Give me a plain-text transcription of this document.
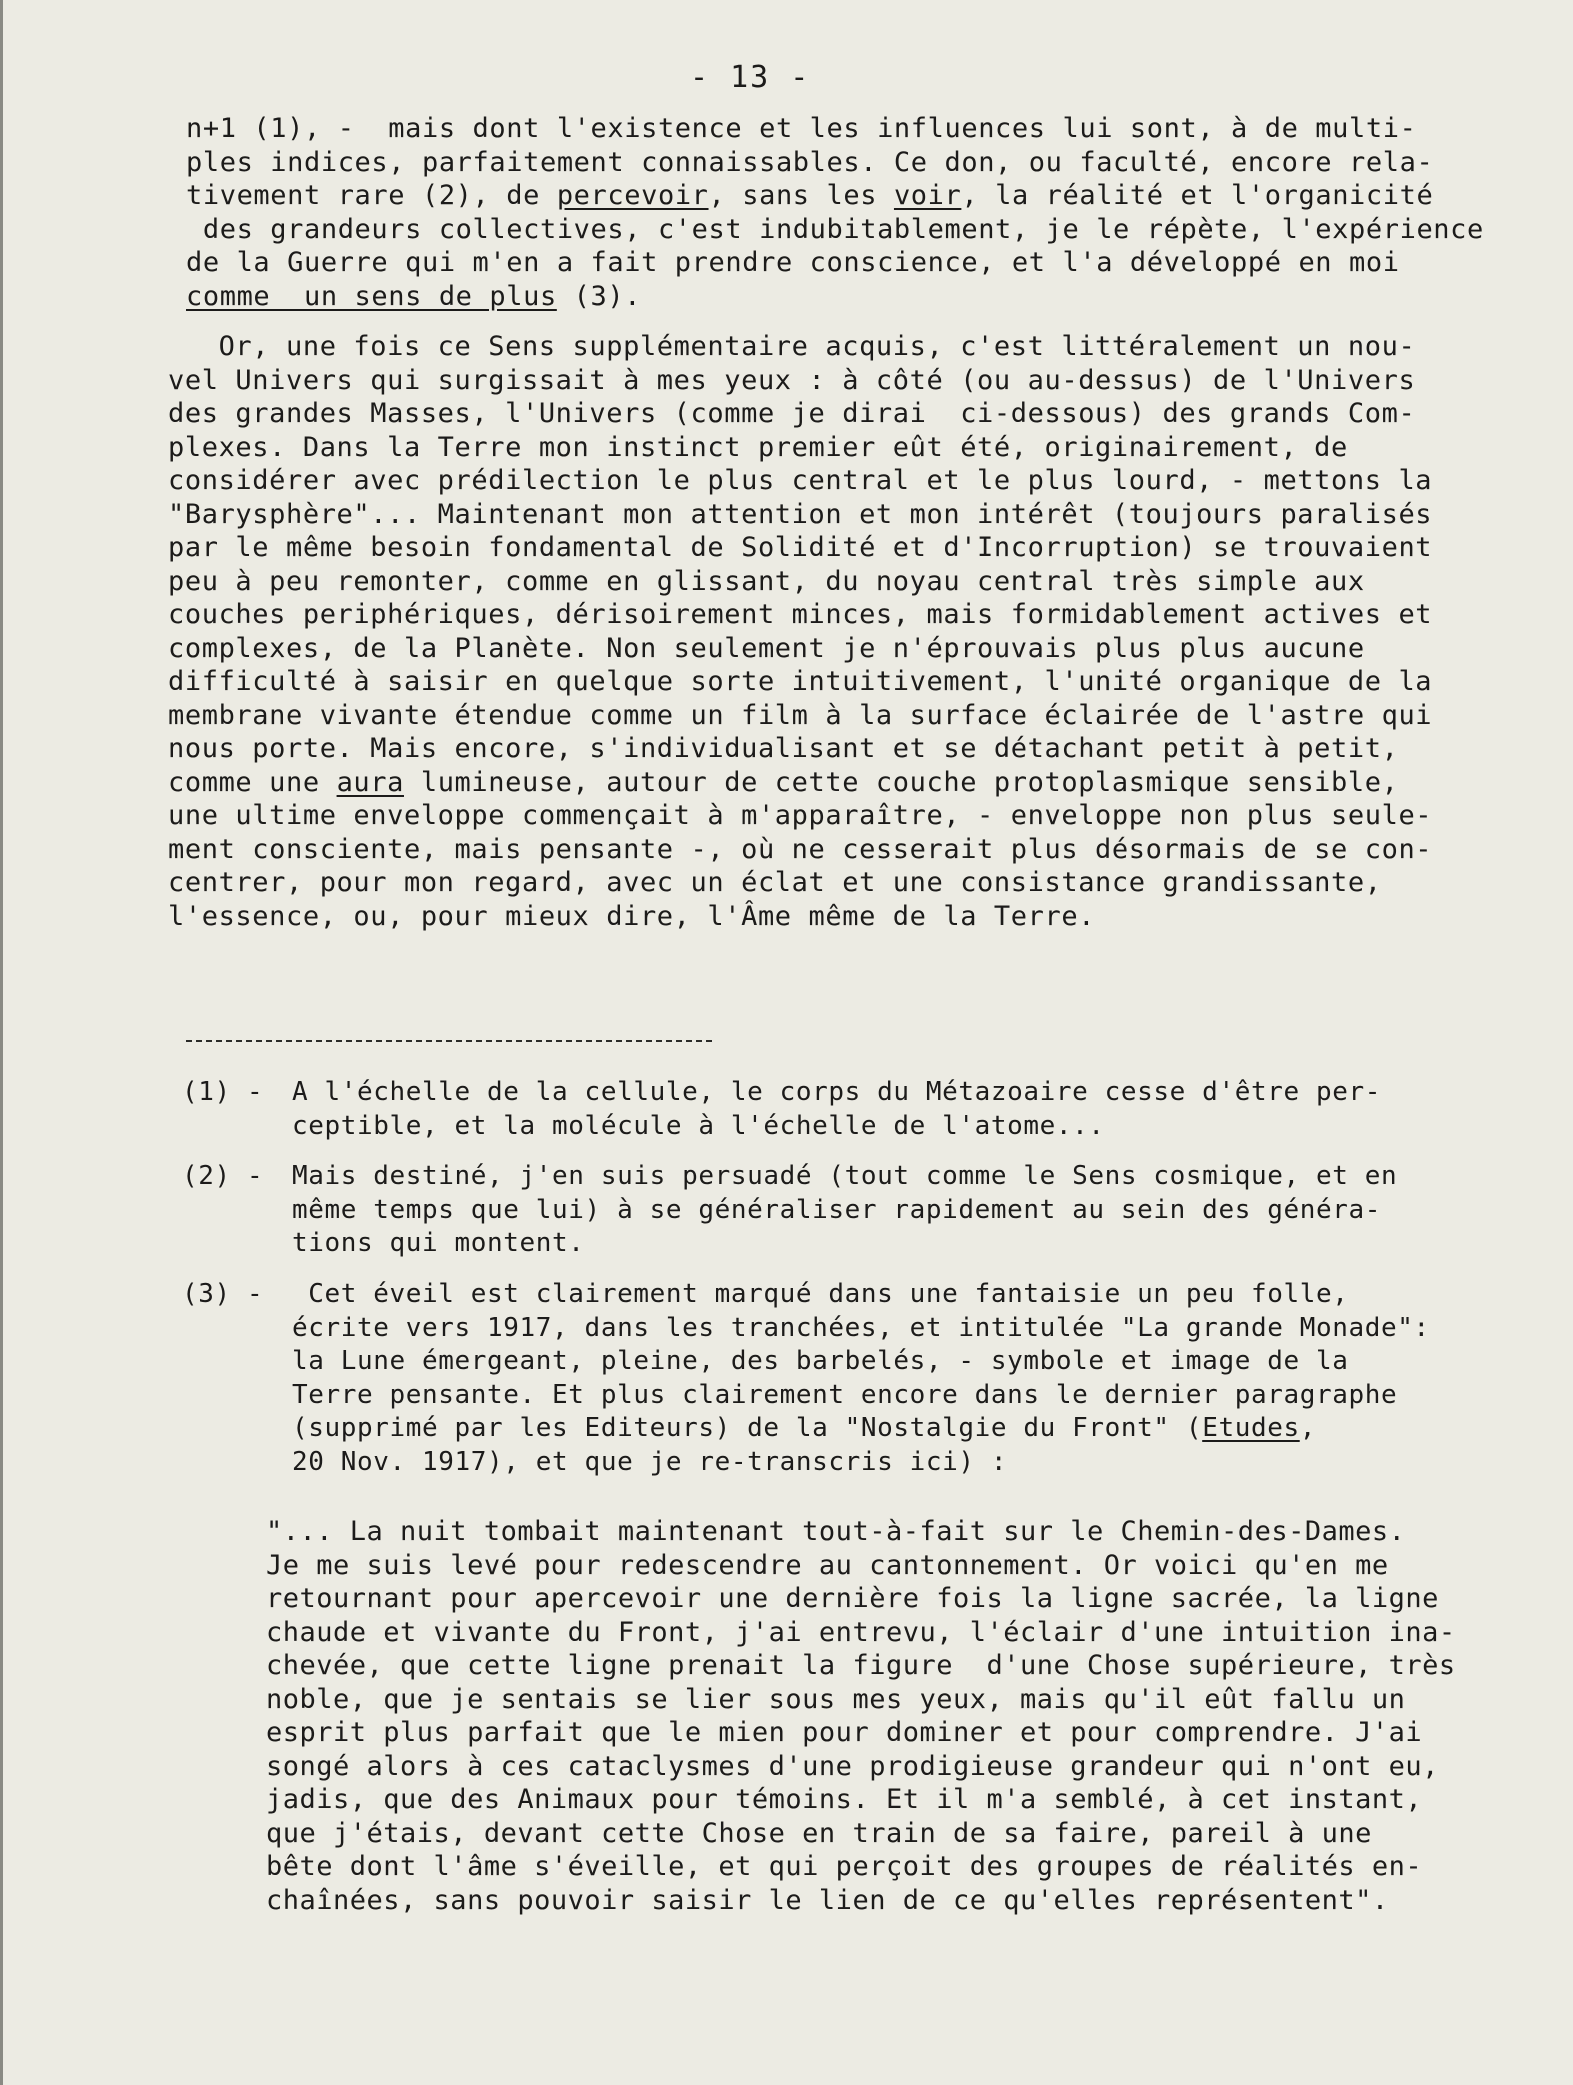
- 13 -
n+1 (1), -  mais dont l'existence et les influences lui sont, à de multi-
ples indices, parfaitement connaissables. Ce don, ou faculté, encore rela-
tivement rare (2), de percevoir, sans les voir, la réalité et l'organicité
des grandeurs collectives, c'est indubitablement, je le répète, l'expérience
de la Guerre qui m'en a fait prendre conscience, et l'a développé en moi
comme  un sens de plus (3).
Or, une fois ce Sens supplémentaire acquis, c'est littéralement un nou-
vel Univers qui surgissait à mes yeux : à côté (ou au-dessus) de l'Univers
des grandes Masses, l'Univers (comme je dirai  ci-dessous) des grands Com-
plexes. Dans la Terre mon instinct premier eût été, originairement, de
considérer avec prédilection le plus central et le plus lourd, - mettons la
"Barysphère"... Maintenant mon attention et mon intérêt (toujours paralisés
par le même besoin fondamental de Solidité et d'Incorruption) se trouvaient
peu à peu remonter, comme en glissant, du noyau central très simple aux
couches periphériques, dérisoirement minces, mais formidablement actives et
complexes, de la Planète. Non seulement je n'éprouvais plus plus aucune
difficulté à saisir en quelque sorte intuitivement, l'unité organique de la
membrane vivante étendue comme un film à la surface éclairée de l'astre qui
nous porte. Mais encore, s'individualisant et se détachant petit à petit,
comme une aura lumineuse, autour de cette couche protoplasmique sensible,
une ultime enveloppe commençait à m'apparaître, - enveloppe non plus seule-
ment consciente, mais pensante -, où ne cesserait plus désormais de se con-
centrer, pour mon regard, avec un éclat et une consistance grandissante,
l'essence, ou, pour mieux dire, l'Âme même de la Terre.
(1) - A l'échelle de la cellule, le corps du Métazoaire cesse d'être per-
ceptible, et la molécule à l'échelle de l'atome...
(2) - Mais destiné, j'en suis persuadé (tout comme le Sens cosmique, et en
même temps que lui) à se généraliser rapidement au sein des généra-
tions qui montent.
(3) - Cet éveil est clairement marqué dans une fantaisie un peu folle,
écrite vers 1917, dans les tranchées, et intitulée "La grande Monade":
la Lune émergeant, pleine, des barbelés, - symbole et image de la
Terre pensante. Et plus clairement encore dans le dernier paragraphe
(supprimé par les Editeurs) de la "Nostalgie du Front" (Etudes,
20 Nov. 1917), et que je re-transcris ici) :
"... La nuit tombait maintenant tout-à-fait sur le Chemin-des-Dames.
Je me suis levé pour redescendre au cantonnement. Or voici qu'en me
retournant pour apercevoir une dernière fois la ligne sacrée, la ligne
chaude et vivante du Front, j'ai entrevu, l'éclair d'une intuition ina-
chevée, que cette ligne prenait la figure  d'une Chose supérieure, très
noble, que je sentais se lier sous mes yeux, mais qu'il eût fallu un
esprit plus parfait que le mien pour dominer et pour comprendre. J'ai
songé alors à ces cataclysmes d'une prodigieuse grandeur qui n'ont eu,
jadis, que des Animaux pour témoins. Et il m'a semblé, à cet instant,
que j'étais, devant cette Chose en train de sa faire, pareil à une
bête dont l'âme s'éveille, et qui perçoit des groupes de réalités en-
chaînées, sans pouvoir saisir le lien de ce qu'elles représentent".
